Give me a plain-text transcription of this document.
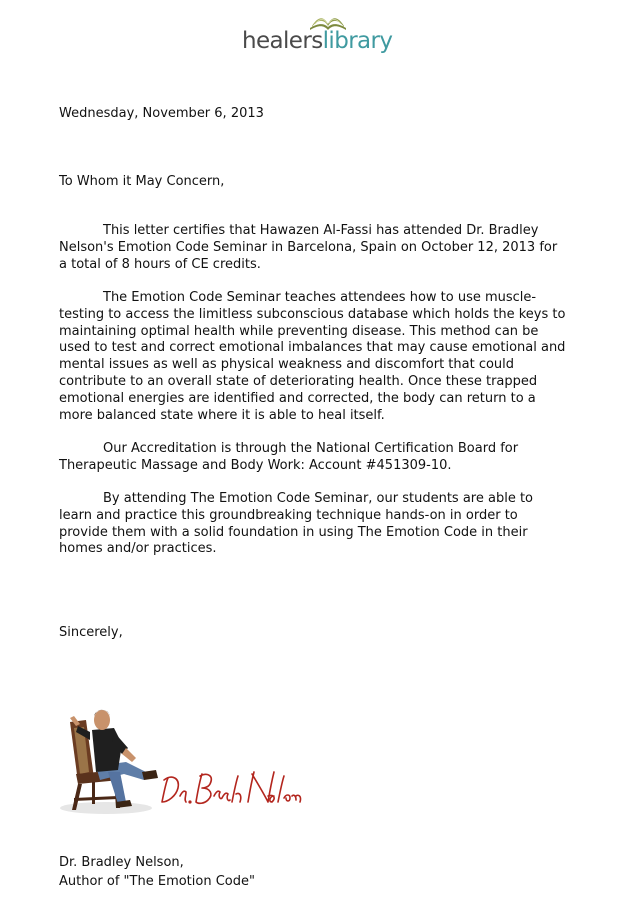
healerslibrary

Wednesday, November 6, 2013

To Whom it May Concern,

This letter certifies that Hawazen Al-Fassi has attended Dr. Bradley Nelson's Emotion Code Seminar in Barcelona, Spain on October 12, 2013 for a total of 8 hours of CE credits.

The Emotion Code Seminar teaches attendees how to use muscle-testing to access the limitless subconscious database which holds the keys to maintaining optimal health while preventing disease. This method can be used to test and correct emotional imbalances that may cause emotional and mental issues as well as physical weakness and discomfort that could contribute to an overall state of deteriorating health. Once these trapped emotional energies are identified and corrected, the body can return to a more balanced state where it is able to heal itself.

Our Accreditation is through the National Certification Board for Therapeutic Massage and Body Work: Account #451309-10.

By attending The Emotion Code Seminar, our students are able to learn and practice this groundbreaking technique hands-on in order to provide them with a solid foundation in using The Emotion Code in their homes and/or practices.

Sincerely,

Dr. Bradley Nelson,

Author of "The Emotion Code"
